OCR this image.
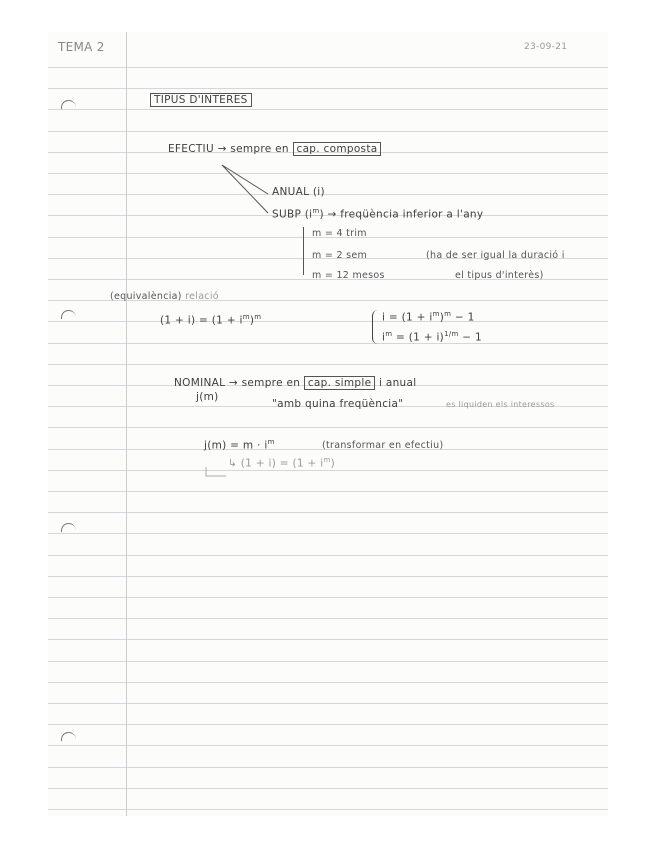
TEMA 2	23-09-21
TIPUS D'INTERES
EFECTIU → sempre en cap. composta
ANUAL (i)
SUBP $(i^m)$ → freqüència inferior a l'any
m = 4 trim
m = 2 sem
m = 12 mesos
(ha de ser igual la duració i
el tipus d'interès)
(equivalència) relació
$(1 + i) = (1 + i^m)^m$	$i = (1 + i^m)^m - 1$
$i^m = (1 + i)^{1/m} - 1$
NOMINAL → sempre en cap. simple i anual
j(m)
"amb quina freqüència"	es liquiden els interessos
$j(m) = m \cdot i^m$	(transformar en efectiu)
↳ $(1 + i) = (1 + i^m)$
